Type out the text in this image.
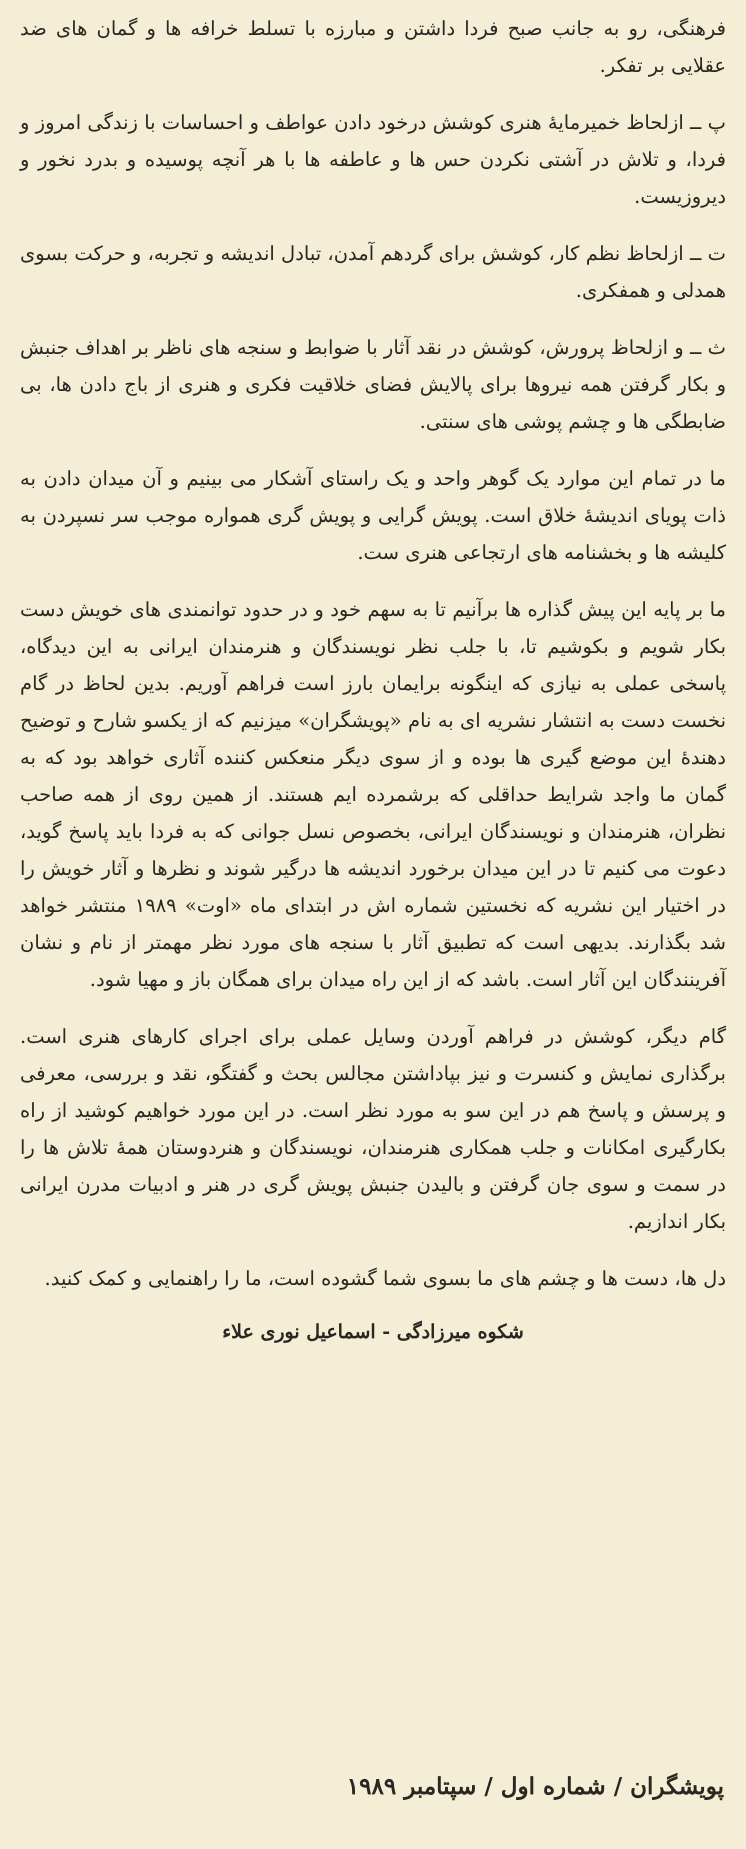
فرهنگی، رو به جانب صبح فردا داشتن و مبارزه با تسلط خرافه ها و گمان های ضد عقلایی بر تفکر.

پ ــ ازلحاظ خمیرمایهٔ هنری کوشش درخود دادن عواطف و احساسات با زندگی امروز و فردا، و تلاش در آشتی نکردن حس ها و عاطفه ها با هر آنچه پوسیده و بدرد نخور و دیروزیست.

ت ــ ازلحاظ نظم کار، کوشش برای گردهم آمدن، تبادل اندیشه و تجربه، و حرکت بسوی همدلی و همفکری.

ث ــ و ازلحاظ پرورش، کوشش در نقد آثار با ضوابط و سنجه های ناظر بر اهداف جنبش و بکار گرفتن همه نیروها برای پالایش فضای خلاقیت فکری و هنری از باج دادن ها، بی ضابطگی ها و چشم پوشی های سنتی.

ما در تمام این موارد یک گوهر واحد و یک راستای آشکار می بینیم و آن میدان دادن به ذات پویای اندیشهٔ خلاق است. پویش گرایی و پویش گری همواره موجب سر نسپردن به کلیشه ها و بخشنامه های ارتجاعی هنری ست.

ما بر پایه این پیش گذاره ها برآنیم تا به سهم خود و در حدود توانمندی های خویش دست بکار شویم و بکوشیم تا، با جلب نظر نویسندگان و هنرمندان ایرانی به این دیدگاه، پاسخی عملی به نیازی که اینگونه برایمان بارز است فراهم آوریم. بدین لحاظ در گام نخست دست به انتشار نشریه ای به نام «پویشگران» میزنیم که از یکسو شارح و توضیح دهندهٔ این موضع گیری ها بوده و از سوی دیگر منعکس کننده آثاری خواهد بود که به گمان ما واجد شرایط حداقلی که برشمرده ایم هستند. از همین روی از همه صاحب نظران، هنرمندان و نویسندگان ایرانی، بخصوص نسل جوانی که به فردا باید پاسخ گوید، دعوت می کنیم تا در این میدان برخورد اندیشه ها درگیر شوند و نظرها و آثار خویش را در اختیار این نشریه که نخستین شماره اش در ابتدای ماه «اوت» ۱۹۸۹ منتشر خواهد شد بگذارند. بدیهی است که تطبیق آثار با سنجه های مورد نظر مهمتر از نام و نشان آفرینندگان این آثار است. باشد که از این راه میدان برای همگان باز و مهیا شود.

گام دیگر، کوشش در فراهم آوردن وسایل عملی برای اجرای کارهای هنری است. برگذاری نمایش و کنسرت و نیز بپاداشتن مجالس بحث و گفتگو، نقد و بررسی، معرفی و پرسش و پاسخ هم در این سو به مورد نظر است. در این مورد خواهیم کوشید از راه بکارگیری امکانات و جلب همکاری هنرمندان، نویسندگان و هنردوستان همهٔ تلاش ها را در سمت و سوی جان گرفتن و بالیدن جنبش پویش گری در هنر و ادبیات مدرن ایرانی بکار اندازیم.

دل ها، دست ها و چشم های ما بسوی شما گشوده است، ما را راهنمایی و کمک کنید.

شکوه میرزادگی - اسماعیل نوری علاء
پویشگران / شماره اول / سپتامبر ۱۹۸۹
